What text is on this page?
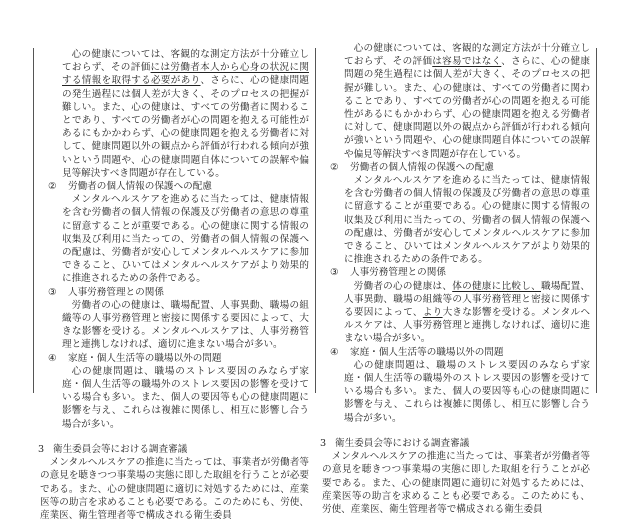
心の健康については、客観的な測定方法が十分確立しておらず、その評価には労働者本人から心身の状況に関する情報を取得する必要があり、さらに、心の健康問題の発生過程には個人差が大きく、そのプロセスの把握が難しい。また、心の健康は、すべての労働者に関わることであり、すべての労働者が心の問題を抱える可能性があるにもかかわらず、心の健康問題を抱える労働者に対して、健康問題以外の観点から評価が行われる傾向が強いという問題や、心の健康問題自体についての誤解や偏見等解決すべき問題が存在している。

②	労働者の個人情報の保護への配慮

メンタルヘルスケアを進めるに当たっては、健康情報を含む労働者の個人情報の保護及び労働者の意思の尊重に留意することが重要である。心の健康に関する情報の収集及び利用に当たっての、労働者の個人情報の保護への配慮は、労働者が安心してメンタルヘルスケアに参加できること、ひいてはメンタルヘルスケアがより効果的に推進されるための条件である。

③	人事労務管理との関係

労働者の心の健康は、職場配置、人事異動、職場の組織等の人事労務管理と密接に関係する要因によって、大きな影響を受ける。メンタルヘルスケアは、人事労務管理と連携しなければ、適切に進まない場合が多い。

④	家庭・個人生活等の職場以外の問題

心の健康問題は、職場のストレス要因のみならず家庭・個人生活等の職場外のストレス要因の影響を受けている場合も多い。また、個人の要因等も心の健康問題に影響を与え、これらは複雑に関係し、相互に影響し合う場合が多い。

3 衛生委員会等における調査審議

メンタルヘルスケアの推進に当たっては、事業者が労働者等の意見を聴きつつ事業場の実態に即した取組を行うことが必要である。また、心の健康問題に適切に対処するためには、産業医等の助言を求めることも必要である。このためにも、労使、産業医、衛生管理者等で構成される衛生委員

心の健康については、客観的な測定方法が十分確立しておらず、その評価は容易ではなく、さらに、心の健康問題の発生過程には個人差が大きく、そのプロセスの把握が難しい。また、心の健康は、すべての労働者に関わることであり、すべての労働者が心の問題を抱える可能性があるにもかかわらず、心の健康問題を抱える労働者に対して、健康問題以外の観点から評価が行われる傾向が強いという問題や、心の健康問題自体についての誤解や偏見等解決すべき問題が存在している。

②	労働者の個人情報の保護への配慮

メンタルヘルスケアを進めるに当たっては、健康情報を含む労働者の個人情報の保護及び労働者の意思の尊重に留意することが重要である。心の健康に関する情報の収集及び利用に当たっての、労働者の個人情報の保護への配慮は、労働者が安心してメンタルヘルスケアに参加できること、ひいてはメンタルヘルスケアがより効果的に推進されるための条件である。

③	人事労務管理との関係

労働者の心の健康は、体の健康に比較し、職場配置、人事異動、職場の組織等の人事労務管理と密接に関係する要因によって、より大きな影響を受ける。メンタルヘルスケアは、人事労務管理と連携しなければ、適切に進まない場合が多い。

④	家庭・個人生活等の職場以外の問題

心の健康問題は、職場のストレス要因のみならず家庭・個人生活等の職場外のストレス要因の影響を受けている場合も多い。また、個人の要因等も心の健康問題に影響を与え、これらは複雑に関係し、相互に影響し合う場合が多い。

3 衛生委員会等における調査審議

メンタルヘルスケアの推進に当たっては、事業者が労働者等の意見を聴きつつ事業場の実態に即した取組を行うことが必要である。また、心の健康問題に適切に対処するためには、産業医等の助言を求めることも必要である。このためにも、労使、産業医、衛生管理者等で構成される衛生委員
